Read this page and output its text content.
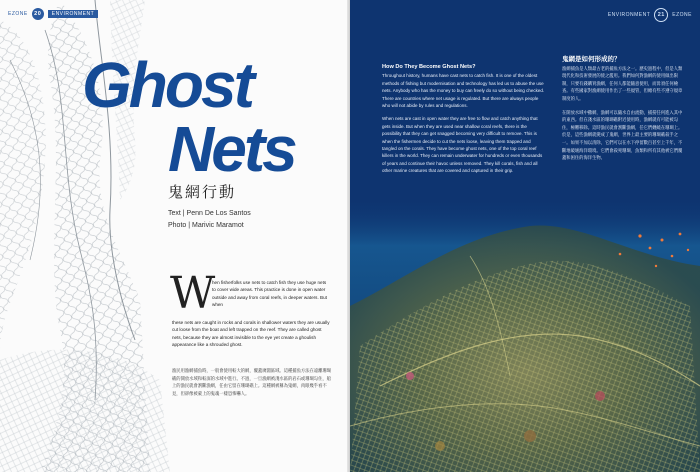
EZONE	20	ENVIRONMENT
Ghost
Nets
鬼網行動
Text | Penn De Los Santos
Photo | Marivic Maramot
W
hen fisherfolks use nets to catch fish they use huge nets to cover wide areas. This practice is done in open water outside and away from coral reefs, in deeper waters. But when
these nets are caught in rocks and corals in shallower waters they are usually cut loose from the boat and left trapped on the reef. They are called ghost nets, because they are almost invisible to the eye yet create a ghoulish appearance like a shrouded ghost.
漁民用漁網捕魚時，一般會使用較大的網，覆蓋廣闊區域。這種捕魚方法在遠離珊瑚礁的開放水域和較深的水域中進行。不過，一旦漁網被淺水區的岩石或珊瑚勾住，船上的漁民就會割斷漁網，任由它留在珊瑚礁上。這種網被稱為鬼網，肉眼幾乎看不見，但卻像被蒙上的鬼魂一樣恐怖嚇人。
ENVIRONMENT	21	EZONE
How Do They Become Ghost Nets?

Throughout history, humans have cast nets to catch fish. It is one of the oldest methods of fishing but modernisation and technology has led us to abuse the use nets. Anybody who has the money to buy can freely do so without being checked. There are countries where net usage is regulated. But there are always people who will not abide by rules and regulations.

When nets are cast in open water they are free to flow and catch anything that gets inside. But when they are used near shallow coral reefs, there is the possibility that they can get snagged becoming very difficult to remove. This is when the fishermen decide to cut the nets loose, leaving them trapped and tangled on the corals. They have become ghost nets, one of the top coral reef killers in the world. They can remain underwater for hundreds or even thousands of years and continue their havoc unless removed. They kill corals, fish and all other marine creatures that are covered and captured in their grip.

鬼網是如何形成的？

漁網捕魚是人類最古老的捕魚方法之一。歷史過程中，但是人類現代化和技術發展的使之濫用。我們如何對漁網的使用做出限制，只要有錢購買漁網，任何人都能隨意使用，而毋須任何檢查。有些國家對漁網使用作出了一些規管，但總有些不遵守規章制度的人。

在開放水域中撒網，漁網可以隨水自由流動，捕撈任何進入其中的東西。但在淺水區的珊瑚礁附近使用時，漁網就有可能被勾住，極難移除。這時漁民就會割斷漁網，任它們纏繞在珊瑚上。於是，這些漁網就變成了鬼網，世界上最主要的珊瑚礁殺手之一。如果不加以清除，它們可以在水下停留數百甚至上千年，不斷地破壞海洋環境。它們會殺死珊瑚、魚類和所有其他被它們覆蓋和困住的海洋生物。
